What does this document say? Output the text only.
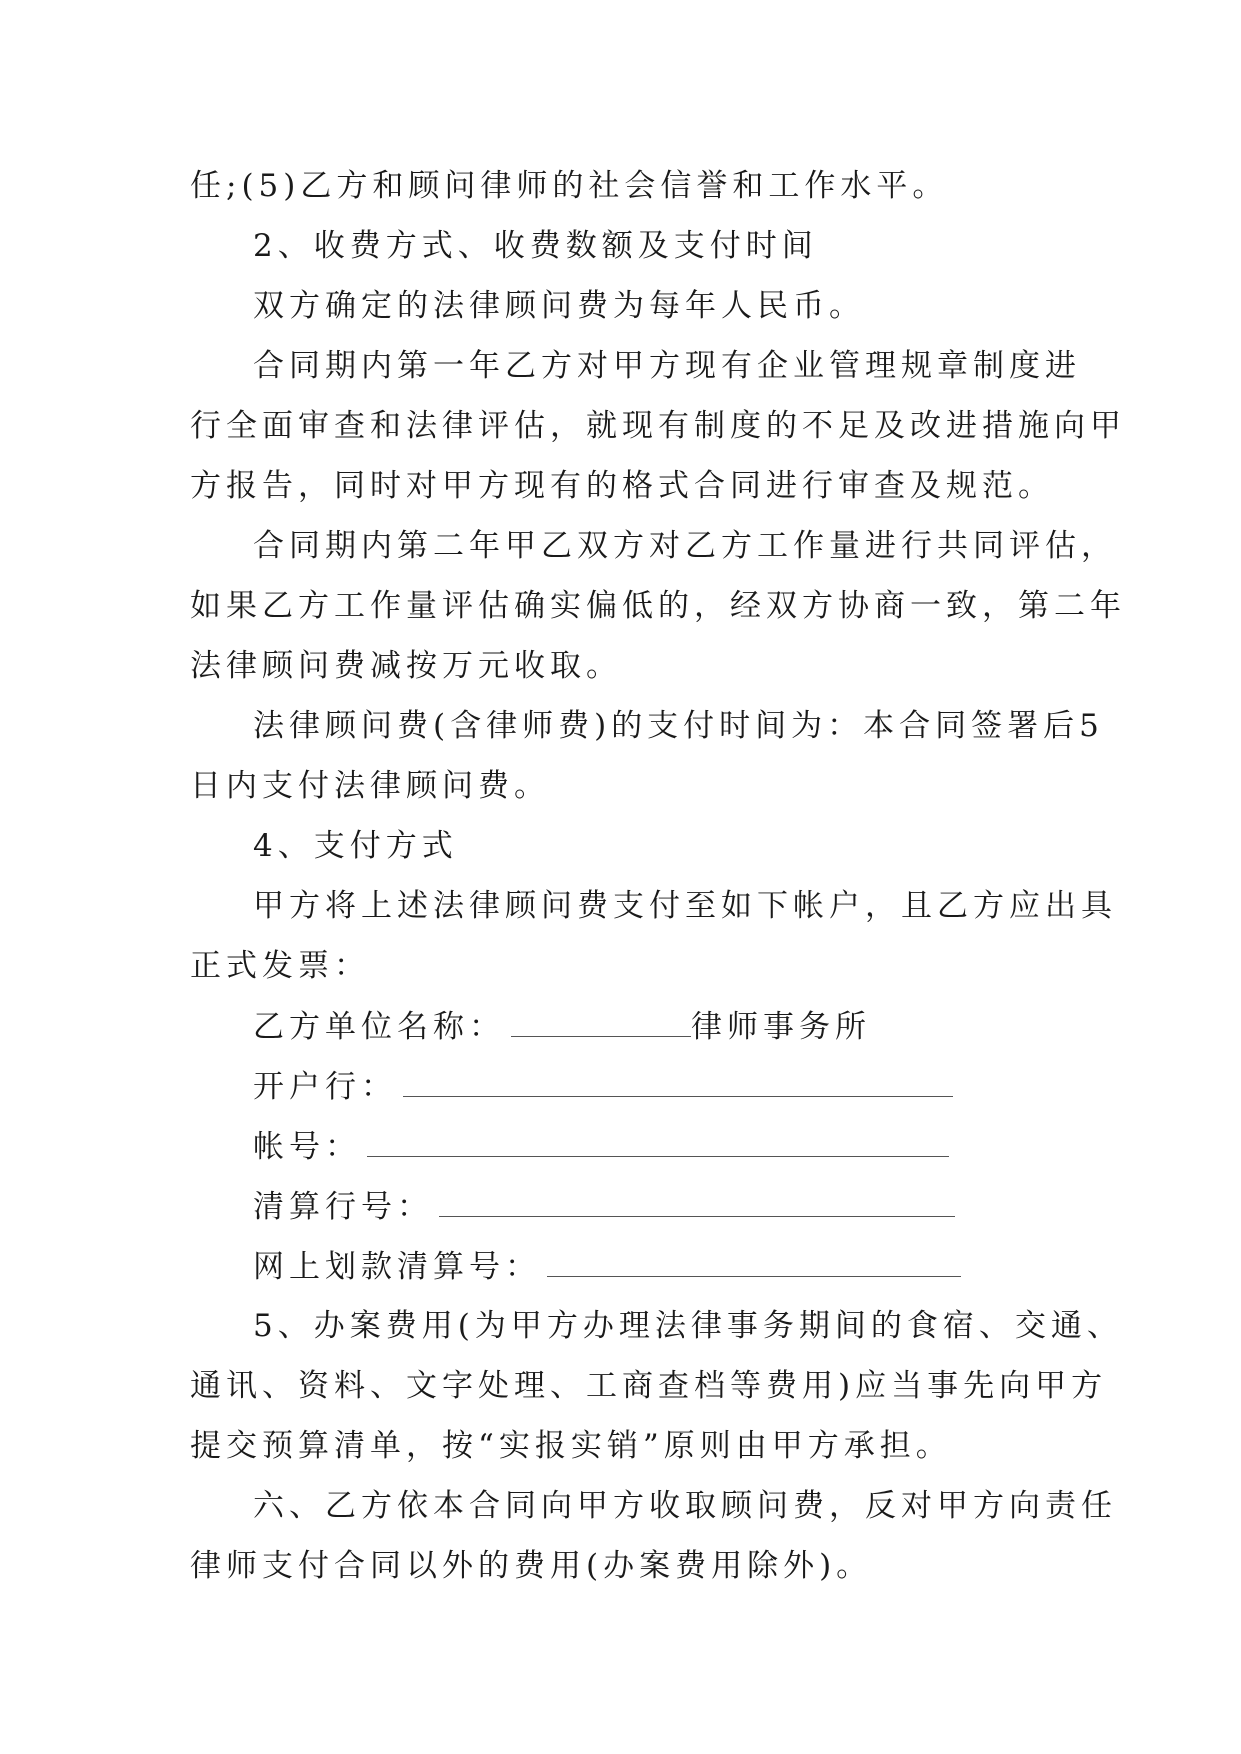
任;(5)乙方和顾问律师的社会信誉和工作水平。
2、收费方式、收费数额及支付时间
双方确定的法律顾问费为每年人民币。
合同期内第一年乙方对甲方现有企业管理规章制度进
行全面审查和法律评估，就现有制度的不足及改进措施向甲
方报告，同时对甲方现有的格式合同进行审查及规范。
合同期内第二年甲乙双方对乙方工作量进行共同评估，
如果乙方工作量评估确实偏低的，经双方协商一致，第二年
法律顾问费减按万元收取。
法律顾问费(含律师费)的支付时间为：本合同签署后5
日内支付法律顾问费。
4、支付方式
甲方将上述法律顾问费支付至如下帐户，且乙方应出具
正式发票：
乙方单位名称：	律师事务所
开户行：
帐号：
清算行号：
网上划款清算号：
5、办案费用(为甲方办理法律事务期间的食宿、交通、
通讯、资料、文字处理、工商查档等费用)应当事先向甲方
提交预算清单，按“实报实销”原则由甲方承担。
六、乙方依本合同向甲方收取顾问费，反对甲方向责任
律师支付合同以外的费用(办案费用除外)。
